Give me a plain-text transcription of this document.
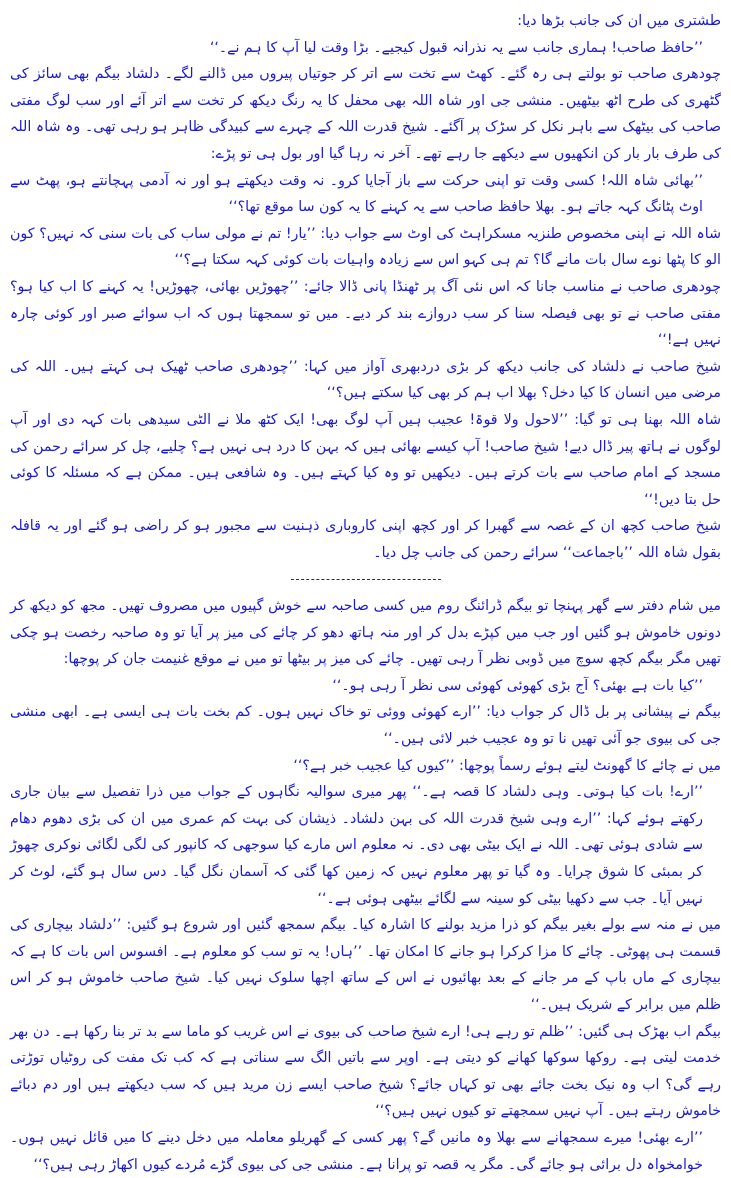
طشتری میں ان کی جانب بڑھا دیا:

’’حافظ صاحب! ہماری جانب سے یہ نذرانہ قبول کیجیے۔ بڑا وقت لیا آپ کا ہم نے۔‘‘

چودھری صاحب تو بولتے ہی رہ گئے۔ کھٹ سے تخت سے اتر کر جوتیاں پیروں میں ڈالنے لگے۔ دلشاد بیگم بھی سائز کی گٹھری کی طرح اٹھ بیٹھیں۔ منشی جی اور شاہ اللہ بھی محفل کا یہ رنگ دیکھ کر تخت سے اتر آئے اور سب لوگ مفتی صاحب کی بیٹھک سے باہر نکل کر سڑک پر آگئے۔ شیخ قدرت اللہ کے چہرے سے کبیدگی ظاہر ہو رہی تھی۔ وہ شاہ اللہ کی طرف بار بار کن انکھیوں سے دیکھے جا رہے تھے۔ آخر نہ رہا گیا اور بول ہی تو پڑے:

’’بھائی شاہ اللہ! کسی وقت تو اپنی حرکت سے باز آجایا کرو۔ نہ وقت دیکھتے ہو اور نہ آدمی پہچانتے ہو، پھٹ سے اوٹ پٹانگ کہہ جاتے ہو۔ بھلا حافظ صاحب سے یہ کہنے کا یہ کون سا موقع تھا؟‘‘

شاہ اللہ نے اپنی مخصوص طنزیہ مسکراہٹ کی اوٹ سے جواب دیا: ’’یار! تم نے مولی ساب کی بات سنی کہ نہیں؟ کون الو کا پٹھا نوے سال بات مانے گا؟ تم ہی کہو اس سے زیادہ واہیات بات کوئی کہہ سکتا ہے؟‘‘

چودھری صاحب نے مناسب جانا کہ اس نئی آگ پر ٹھنڈا پانی ڈالا جائے: ’’چھوڑیں بھائی، چھوڑیں! یہ کہنے کا اب کیا ہو؟ مفتی صاحب نے تو بھی فیصلہ سنا کر سب دروازے بند کر دیے۔ میں تو سمجھتا ہوں کہ اب سوائے صبر اور کوئی چارہ نہیں ہے!‘‘

شیخ صاحب نے دلشاد کی جانب دیکھ کر بڑی دردبھری آواز میں کہا: ’’چودھری صاحب ٹھیک ہی کہتے ہیں۔ اللہ کی مرضی میں انسان کا کیا دخل؟ بھلا اب ہم کر بھی کیا سکتے ہیں؟‘‘

شاہ اللہ بھنا ہی تو گیا: ’’لاحول ولا قوۃ! عجیب ہیں آپ لوگ بھی! ایک کٹھ ملا نے الٹی سیدھی بات کہہ دی اور آپ لوگوں نے ہاتھ پیر ڈال دیے! شیخ صاحب! آپ کیسے بھائی ہیں کہ بہن کا درد ہی نہیں ہے؟ چلیے، چل کر سرائے رحمن کی مسجد کے امام صاحب سے بات کرتے ہیں۔ دیکھیں تو وہ کیا کہتے ہیں۔ وہ شافعی ہیں۔ ممکن ہے کہ مسئلہ کا کوئی حل بتا دیں!‘‘

شیخ صاحب کچھ ان کے غصہ سے گھبرا کر اور کچھ اپنی کاروباری ذہنیت سے مجبور ہو کر راضی ہو گئے اور یہ قافلہ بقول شاہ اللہ ’’باجماعت‘‘ سرائے رحمن کی جانب چل دیا۔

میں شام دفتر سے گھر پہنچا تو بیگم ڈرائنگ روم میں کسی صاحبہ سے خوش گپیوں میں مصروف تھیں۔ مجھ کو دیکھ کر دونوں خاموش ہو گئیں اور جب میں کپڑے بدل کر اور منہ ہاتھ دھو کر چائے کی میز پر آیا تو وہ صاحبہ رخصت ہو چکی تھیں مگر بیگم کچھ سوچ میں ڈوبی نظر آ رہی تھیں۔ چائے کی میز پر بیٹھا تو میں نے موقع غنیمت جان کر پوچھا:

’’کیا بات ہے بھئی؟ آج بڑی کھوئی کھوئی سی نظر آ رہی ہو۔‘‘

بیگم نے پیشانی پر بل ڈال کر جواب دیا: ’’ارے کھوئی ووئی تو خاک نہیں ہوں۔ کم بخت بات ہی ایسی ہے۔ ابھی منشی جی کی بیوی جو آئی تھیں نا تو وہ عجیب خبر لائی ہیں۔‘‘

میں نے چائے کا گھونٹ لیتے ہوئے رسماً پوچھا: ’’کیوں کیا عجیب خبر ہے؟‘‘

’’ارے! بات کیا ہوتی۔ وہی دلشاد کا قصہ ہے۔‘‘ پھر میری سوالیہ نگاہوں کے جواب میں ذرا تفصیل سے بیان جاری رکھتے ہوئے کہا: ’’ارے وہی شیخ قدرت اللہ کی بہن دلشاد۔ ذیشان کی بہت کم عمری میں ان کی بڑی دھوم دھام سے شادی ہوئی تھی۔ اللہ نے ایک بیٹی بھی دی۔ نہ معلوم اس مارے کیا سوجھی کہ کانپور کی لگی لگائی نوکری چھوڑ کر بمبئی کا شوق چرایا۔ وہ گیا تو پھر معلوم نہیں کہ زمین کھا گئی کہ آسمان نگل گیا۔ دس سال ہو گئے، لوٹ کر نہیں آیا۔ جب سے دکھیا بیٹی کو سینہ سے لگائے بیٹھی ہوئی ہے۔‘‘

میں نے منہ سے بولے بغیر بیگم کو ذرا مزید بولنے کا اشارہ کیا۔ بیگم سمجھ گئیں اور شروع ہو گئیں: ’’دلشاد بیچاری کی قسمت ہی پھوٹی۔ چائے کا مزا کرکرا ہو جانے کا امکان تھا۔ ’’ہاں! یہ تو سب کو معلوم ہے۔ افسوس اس بات کا ہے کہ بیچاری کے ماں باپ کے مر جانے کے بعد بھائیوں نے اس کے ساتھ اچھا سلوک نہیں کیا۔ شیخ صاحب خاموش ہو کر اس ظلم میں برابر کے شریک ہیں۔‘‘

بیگم اب بھڑک ہی گئیں: ’’ظلم تو رہے ہی! ارے شیخ صاحب کی بیوی نے اس غریب کو ماما سے بد تر بنا رکھا ہے۔ دن بھر خدمت لیتی ہے۔ روکھا سوکھا کھانے کو دیتی ہے۔ اوپر سے باتیں الگ سے سناتی ہے کہ کب تک مفت کی روٹیاں توڑتی رہے گی؟ اب وہ نیک بخت جائے بھی تو کہاں جائے؟ شیخ صاحب ایسے زن مرید ہیں کہ سب دیکھتے ہیں اور دم دبائے خاموش رہتے ہیں۔ آپ نہیں سمجھتے تو کیوں نہیں ہیں؟‘‘

’’ارے بھئی! میرے سمجھانے سے بھلا وہ مانیں گے؟ پھر کسی کے گھریلو معاملہ میں دخل دینے کا میں قائل نہیں ہوں۔ خوامخواہ دل برائی ہو جائے گی۔ مگر یہ قصہ تو پرانا ہے۔ منشی جی کی بیوی گڑے مُردے کیوں اکھاڑ رہی ہیں؟‘‘
